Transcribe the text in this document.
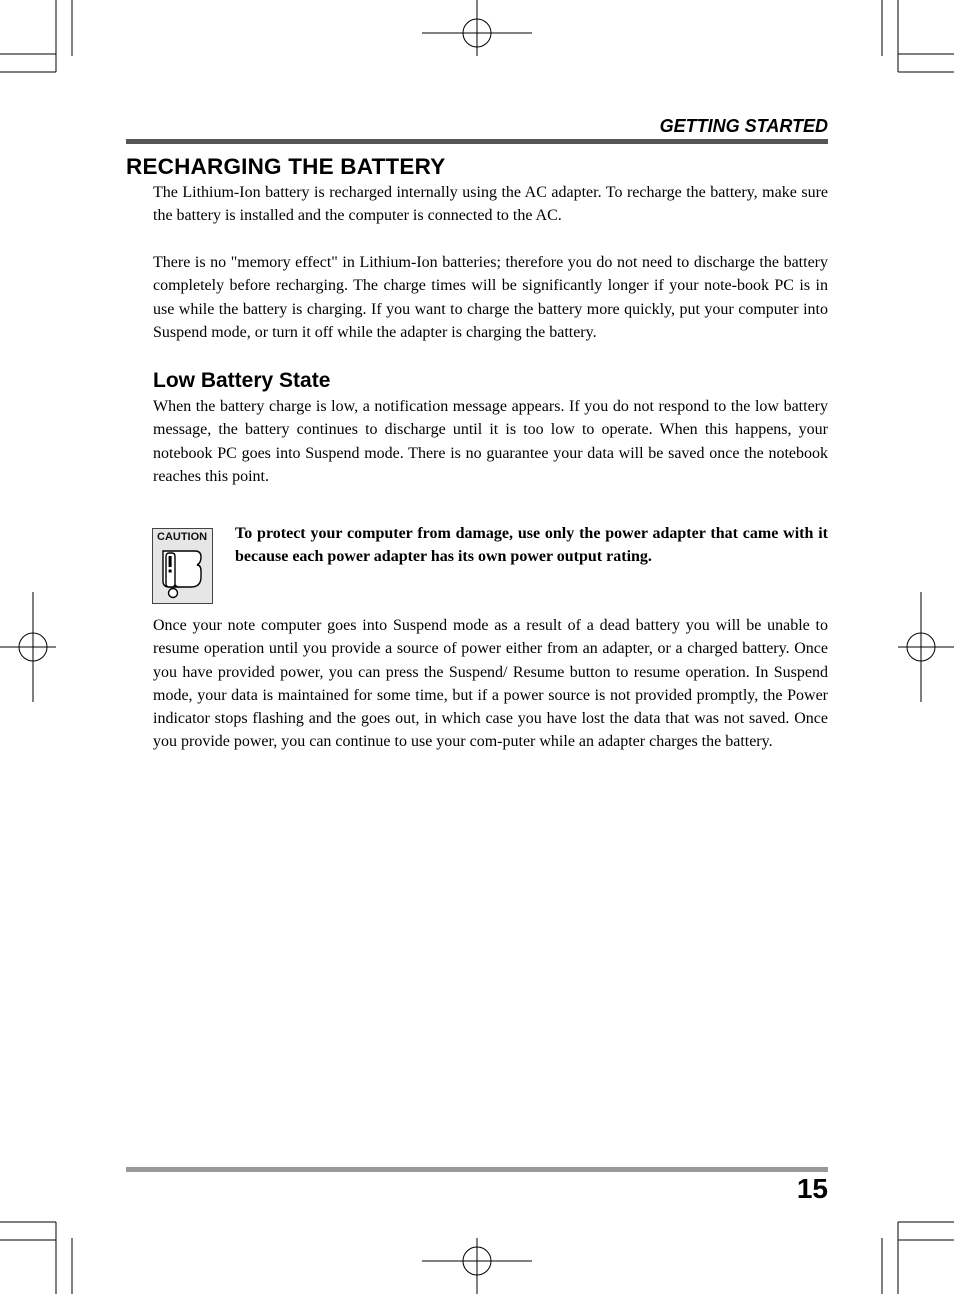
GETTING STARTED
RECHARGING THE BATTERY

The Lithium-Ion battery is recharged internally using the AC adapter. To recharge the battery, make sure the battery is installed and the computer is connected to the AC.

There is no "memory effect" in Lithium-Ion batteries; therefore you do not need to discharge the battery completely before recharging. The charge times will be significantly longer if your note-book PC is in use while the battery is charging. If you want to charge the battery more quickly, put your computer into Suspend mode, or turn it off while the adapter is charging the battery.

Low Battery State

When the battery charge is low, a notification message appears. If you do not respond to the low battery message, the battery continues to discharge until it is too low to operate. When this happens, your notebook PC goes into Suspend mode. There is no guarantee your data will be saved once the notebook reaches this point.

CAUTION To protect your computer from damage, use only the power adapter that came with it because each power adapter has its own power output rating.

Once your note computer goes into Suspend mode as a result of a dead battery you will be unable to resume operation until you provide a source of power either from an adapter, or a charged battery. Once you have provided power, you can press the Suspend/ Resume button to resume operation. In Suspend mode, your data is maintained for some time, but if a power source is not provided promptly, the Power indicator stops flashing and the goes out, in which case you have lost the data that was not saved. Once you provide power, you can continue to use your com-puter while an adapter charges the battery.

15
